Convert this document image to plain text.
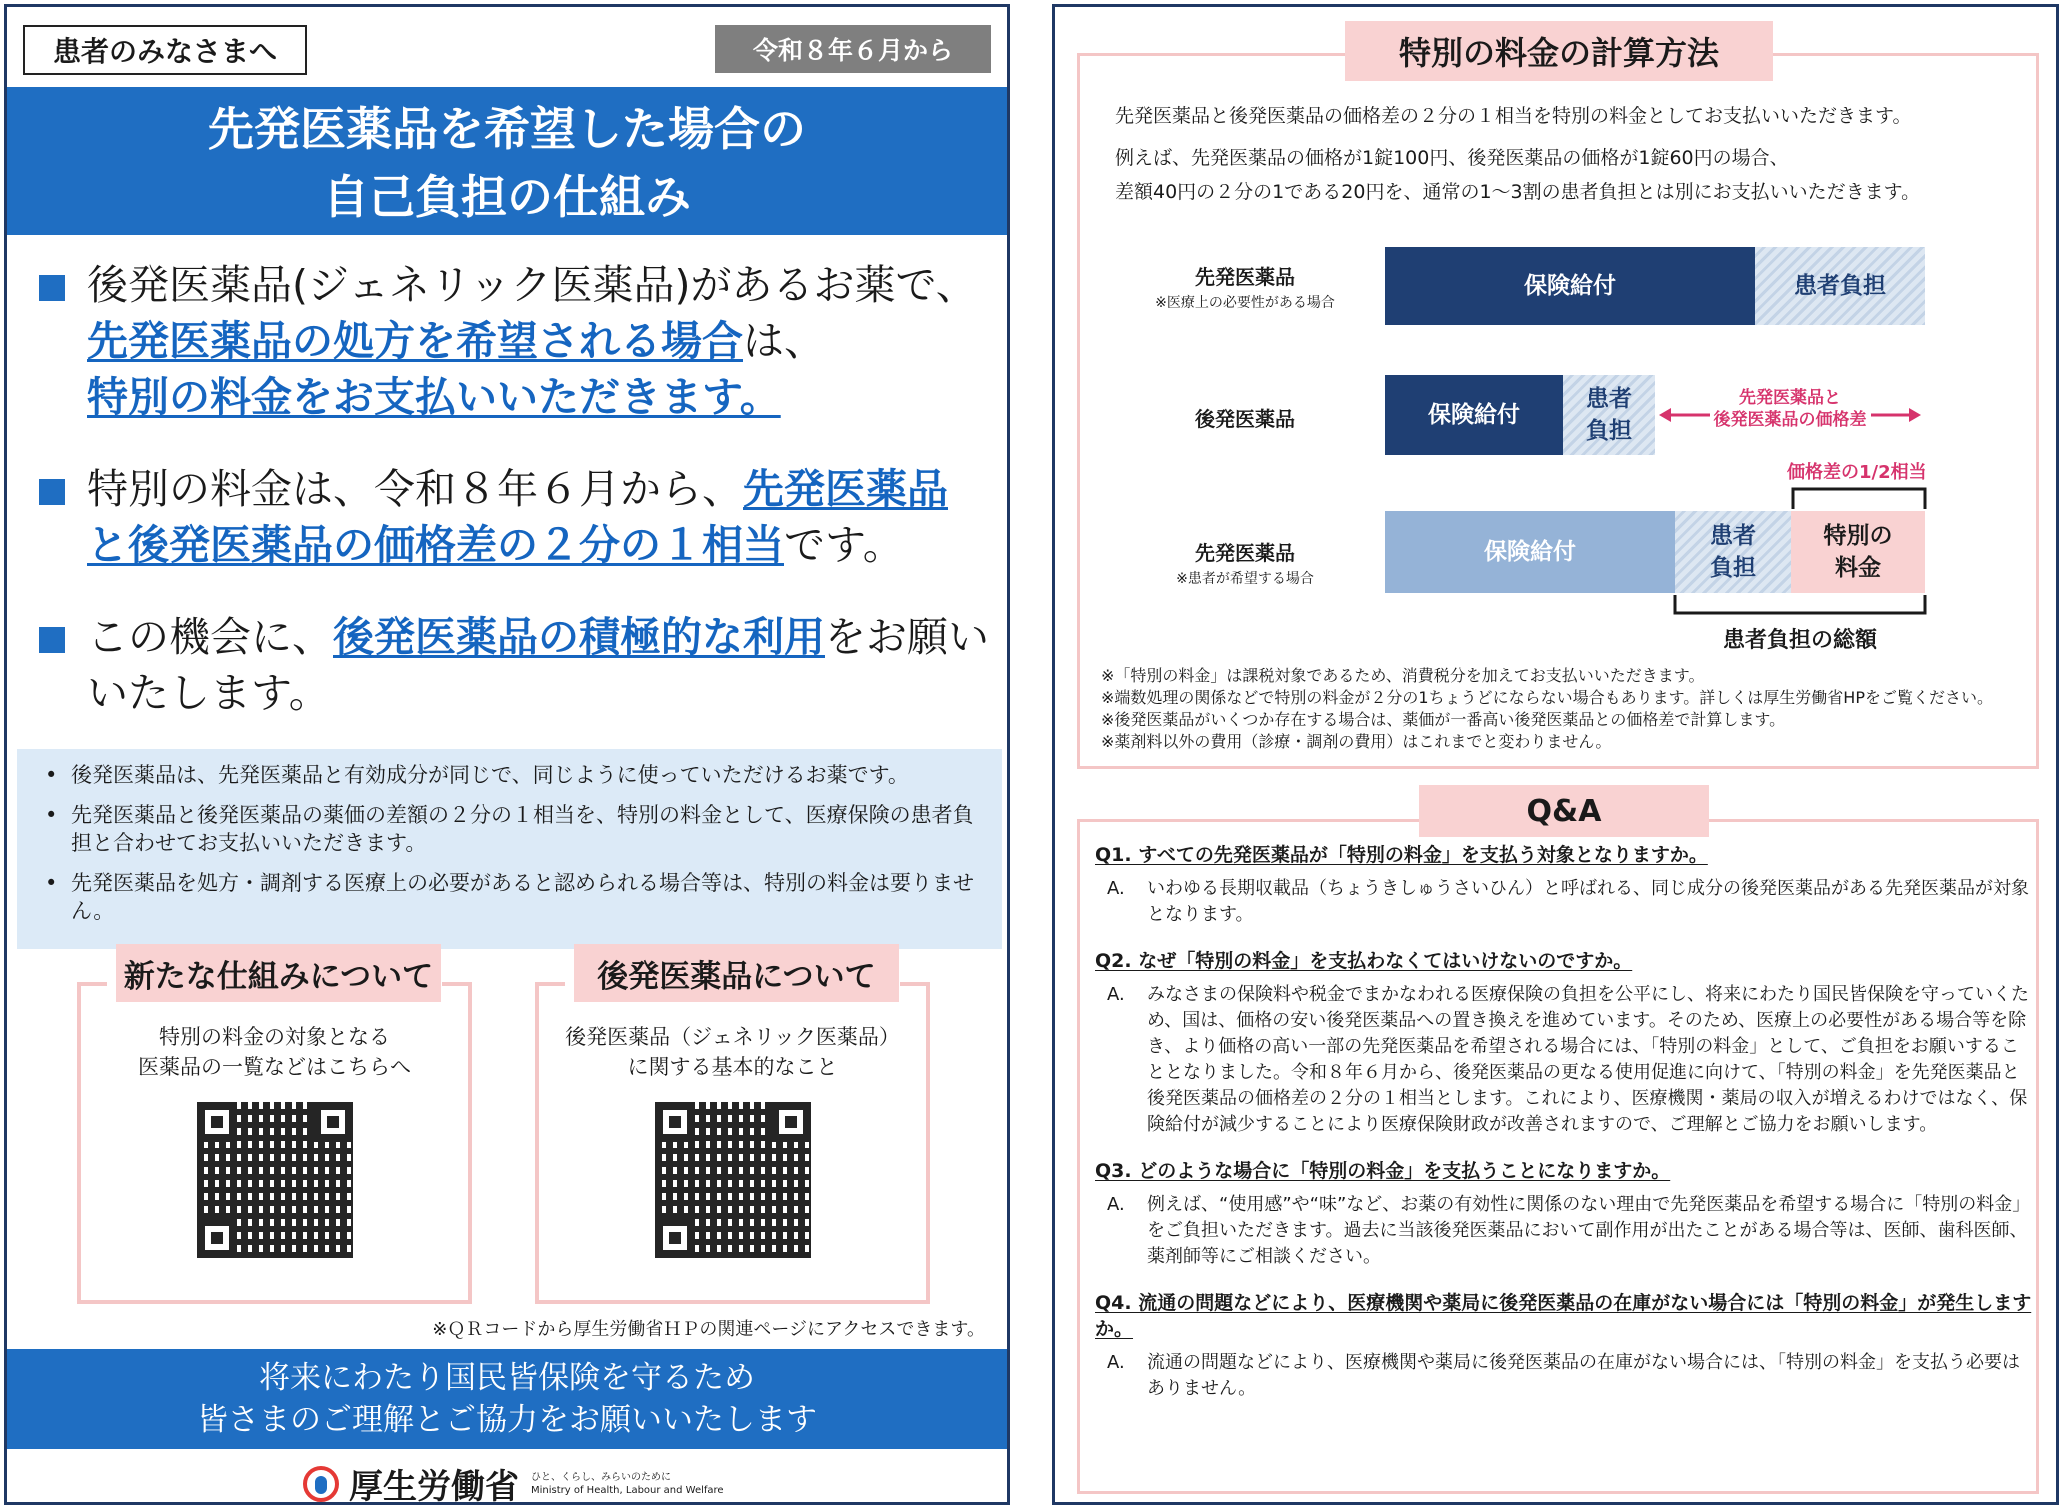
患者のみなさまへ	令和８年６月から
先発医薬品を希望した場合の
自己負担の仕組み
後発医薬品(ジェネリック医薬品)があるお薬で、
先発医薬品の処方を希望される場合は、
特別の料金をお支払いいただきます。
特別の料金は、令和８年６月から、先発医薬品
と後発医薬品の価格差の２分の１相当です。
この機会に、後発医薬品の積極的な利用をお願いいたします。
• 後発医薬品は、先発医薬品と有効成分が同じで、同じように使っていただけるお薬です。
• 先発医薬品と後発医薬品の薬価の差額の２分の１相当を、特別の料金として、医療保険の患者負担と合わせてお支払いいただきます。
• 先発医薬品を処方・調剤する医療上の必要があると認められる場合等は、特別の料金は要りません。
新たな仕組みについて
特別の料金の対象となる
医薬品の一覧などはこちらへ
後発医薬品について
後発医薬品（ジェネリック医薬品）
に関する基本的なこと
※ＱＲコードから厚生労働省ＨＰの関連ページにアクセスできます。
将来にわたり国民皆保険を守るため
皆さまのご理解とご協力をお願いいたします
厚生労働省 ひと、くらし、みらいのために
Ministry of Health, Labour and Welfare
特別の料金の計算方法
先発医薬品と後発医薬品の価格差の２分の１相当を特別の料金としてお支払いいただきます。
例えば、先発医薬品の価格が1錠100円、後発医薬品の価格が1錠60円の場合、
差額40円の２分の1である20円を、通常の1～3割の患者負担とは別にお支払いいただきます。
先発医薬品
※医療上の必要性がある場合
保険給付	患者負担
後発医薬品	保険給付
患者
負担
先発医薬品と
後発医薬品の価格差
先発医薬品
※患者が希望する場合
価格差の1/2相当
保険給付
患者
負担
特別の
料金
患者負担の総額
※「特別の料金」は課税対象であるため、消費税分を加えてお支払いいただきます。
※端数処理の関係などで特別の料金が２分の1ちょうどにならない場合もあります。詳しくは厚生労働省HPをご覧ください。
※後発医薬品がいくつか存在する場合は、薬価が一番高い後発医薬品との価格差で計算します。
※薬剤料以外の費用（診療・調剤の費用）はこれまでと変わりません。
Q&A
Q1. すべての先発医薬品が「特別の料金」を支払う対象となりますか。
A. いわゆる長期収載品（ちょうきしゅうさいひん）と呼ばれる、同じ成分の後発医薬品がある先発医薬品が対象となります。
Q2. なぜ「特別の料金」を支払わなくてはいけないのですか。
A. みなさまの保険料や税金でまかなわれる医療保険の負担を公平にし、将来にわたり国民皆保険を守っていくため、国は、価格の安い後発医薬品への置き換えを進めています。そのため、医療上の必要性がある場合等を除き、より価格の高い一部の先発医薬品を希望される場合には、「特別の料金」として、ご負担をお願いすることとなりました。令和８年６月から、後発医薬品の更なる使用促進に向けて、「特別の料金」を先発医薬品と後発医薬品の価格差の２分の１相当とします。これにより、医療機関・薬局の収入が増えるわけではなく、保険給付が減少することにより医療保険財政が改善されますので、ご理解とご協力をお願いします。
Q3. どのような場合に「特別の料金」を支払うことになりますか。
A. 例えば、“使用感”や“味”など、お薬の有効性に関係のない理由で先発医薬品を希望する場合に「特別の料金」をご負担いただきます。過去に当該後発医薬品において副作用が出たことがある場合等は、医師、歯科医師、薬剤師等にご相談ください。
Q4. 流通の問題などにより、医療機関や薬局に後発医薬品の在庫がない場合には「特別の料金」が発生しますか。
A. 流通の問題などにより、医療機関や薬局に後発医薬品の在庫がない場合には、「特別の料金」を支払う必要はありません。
